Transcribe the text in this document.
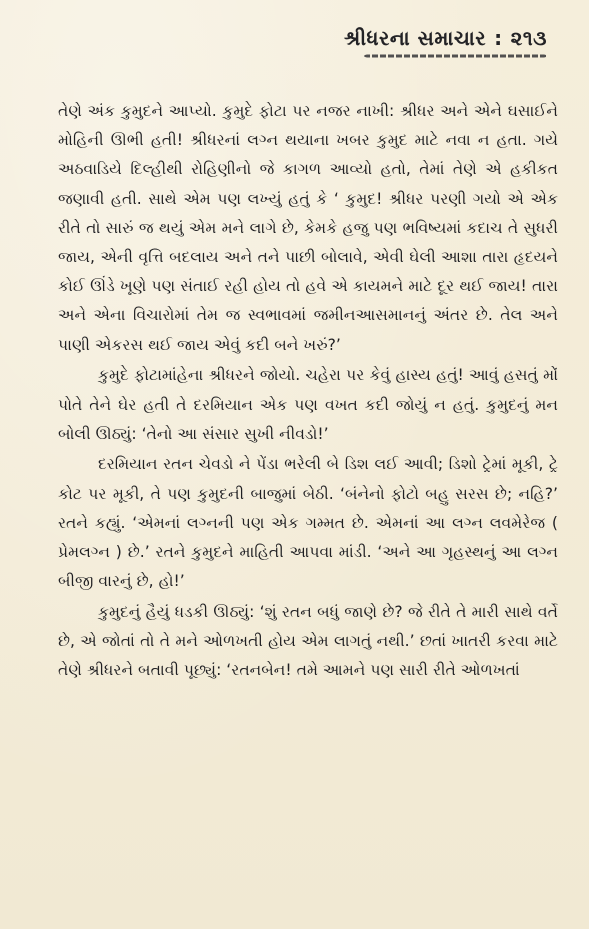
શ્રીધરના સમાચાર : ૨૧૩

તેણે અંક કુમુદને આપ્યો. કુમુદે ફોટા પર નજર નાખી: શ્રીધર અને એને ઘસાઈને મોહિની ઊભી હતી! શ્રીધરનાં લગ્ન થયાના ખબર કુમુદ માટે નવા ન હતા. ગયે અઠવાડિયે દિલ્હીથી રોહિણીનો જે કાગળ આવ્યો હતો, તેમાં તેણે એ હકીકત જણાવી હતી. સાથે એમ પણ લખ્યું હતું કે ‘ કુમુદ! શ્રીધર પરણી ગયો એ એક રીતે તો સારું જ થયું એમ મને લાગે છે, કેમકે હજુ પણ ભવિષ્યમાં કદાચ તે સુધરી જાય, એની વૃત્તિ બદલાય અને તને પાછી બોલાવે, એવી ઘેલી આશા તારા હૃદયને કોઈ ઊંડે ખૂણે પણ સંતાઈ રહી હોય તો હવે એ કાયમને માટે દૂર થઈ જાય! તારા અને એના વિચારોમાં તેમ જ સ્વભાવમાં જમીનઆસમાનનું અંતર છે. તેલ અને પાણી એકરસ થઈ જાય એવું કદી બને ખરું?’

કુમુદે ફોટામાંહેના શ્રીધરને જોયો. ચહેરા પર કેવું હાસ્ય હતું! આવું હસતું મોં પોતે તેને ઘેર હતી તે દરમિયાન એક પણ વખત કદી જોયું ન હતું. કુમુદનું મન બોલી ઊઠ્યું: ‘તેનો આ સંસાર સુખી નીવડો!’

દરમિયાન રતન ચેવડો ને પેંડા ભરેલી બે ડિશ લઈ આવી; ડિશો ટ્રેમાં મૂકી, ટ્રે કોટ પર મૂકી, તે પણ કુમુદની બાજુમાં બેઠી. ‘બંનેનો ફોટો બહુ સરસ છે; નહિ?’ રતને કહ્યું. ‘એમનાં લગ્નની પણ એક ગમ્મત છે. એમનાં આ લગ્ન લવમેરેજ ( પ્રેમલગ્ન ) છે.’ રતને કુમુદને માહિતી આપવા માંડી. ‘અને આ ગૃહસ્થનું આ લગ્ન બીજી વારનું છે, હો!’

કુમુદનું હૈયું ધડકી ઊઠ્યું: ‘શું રતન બધું જાણે છે? જે રીતે તે મારી સાથે વર્તે છે, એ જોતાં તો તે મને ઓળખતી હોય એમ લાગતું નથી.’ છતાં ખાતરી કરવા માટે તેણે શ્રીધરને બતાવી પૂછ્યું: ‘રતનબેન! તમે આમને પણ સારી રીતે ઓળખતાં
